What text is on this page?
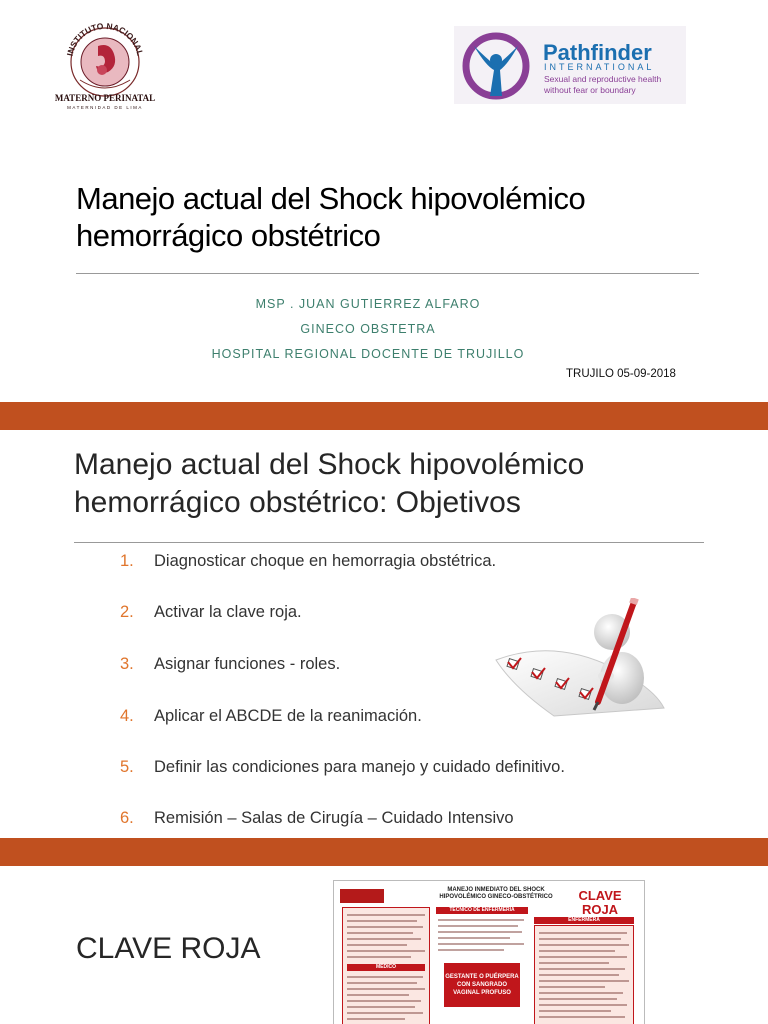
INSTITUTO NACIONAL
MATERNO PERINATAL
MATERNIDAD DE LIMA
Pathfinder
INTERNATIONAL
Sexual and reproductive health
without fear or boundary
Manejo actual del Shock hipovolémico hemorrágico obstétrico
MSP . JUAN GUTIERREZ ALFARO
GINECO OBSTETRA
HOSPITAL REGIONAL DOCENTE DE TRUJILLO
TRUJILO 05-09-2018
Manejo actual del Shock hipovolémico hemorrágico obstétrico: Objetivos
1. Diagnosticar choque en hemorragia obstétrica.
2. Activar la clave roja.
3. Asignar funciones - roles.
4. Aplicar el ABCDE de la reanimación.
5. Definir las condiciones para manejo y cuidado definitivo.
6. Remisión – Salas de Cirugía – Cuidado Intensivo
CLAVE ROJA
MANEJO INMEDIATO DEL SHOCK HIPOVOLÉMICO GINECO-OBSTÉTRICO	CLAVE ROJA
MÉDICO
TÉCNICO DE ENFERMERÍA
GESTANTE O PUÉRPERA CON SANGRADO VAGINAL PROFUSO
ENFERMERA
